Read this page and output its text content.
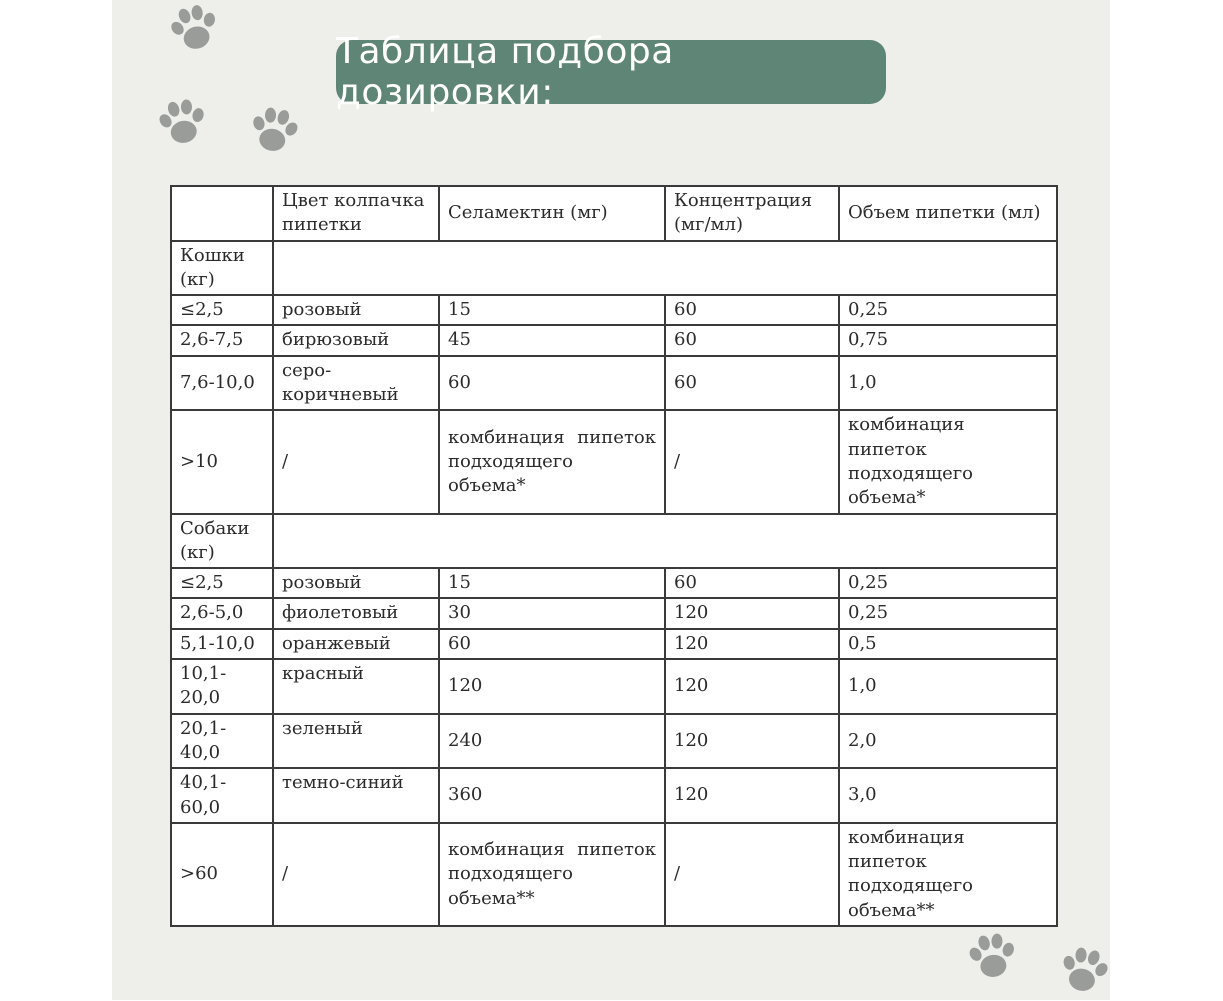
Таблица подбора дозировки:
	Цвет колпачка пипетки	Селамектин (мг)	Концентрация (мг/мл)	Объем пипетки (мл)
Кошки (кг)				
≤2,5	розовый	15	60	0,25
2,6-7,5	бирюзовый	45	60	0,75
7,6-10,0	серо-коричневый	60	60	1,0
>10	/	комбинация пипеток подходящего объема*	/	комбинация пипеток подходящего объема*
Собаки (кг)				
≤2,5	розовый	15	60	0,25
2,6-5,0	фиолетовый	30	120	0,25
5,1-10,0	оранжевый	60	120	0,5
10,1-20,0	красный	120	120	1,0
20,1-40,0	зеленый	240	120	2,0
40,1-60,0	темно-синий	360	120	3,0
>60	/	комбинация пипеток подходящего объема**	/	комбинация пипеток подходящего объема**
